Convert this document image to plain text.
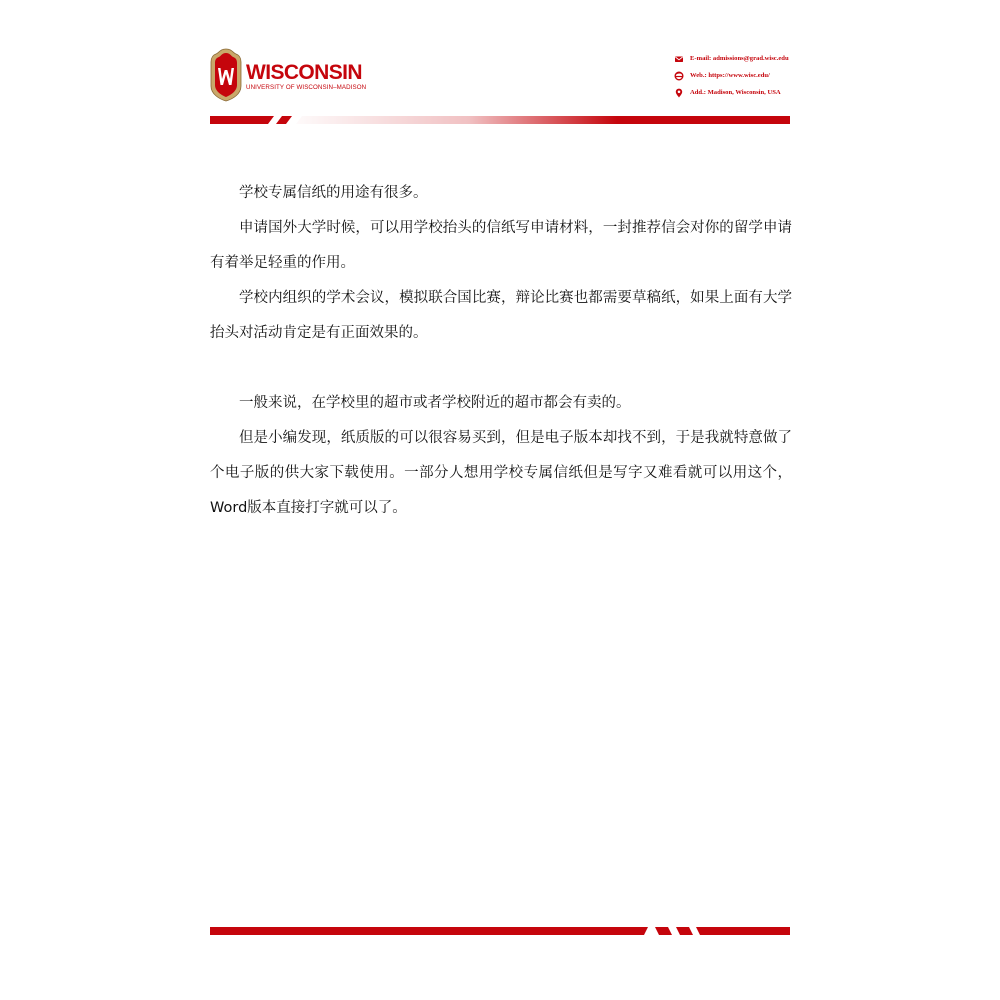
WISCONSIN
UNIVERSITY OF WISCONSIN–MADISON
E-mail: admissions@grad.wisc.edu
Web.: https://www.wisc.edu/
Add.: Madison, Wisconsin, USA

学校专属信纸的用途有很多。

申请国外大学时候，可以用学校抬头的信纸写申请材料，一封推荐信会对你的留学申请有着举足轻重的作用。

学校内组织的学术会议，模拟联合国比赛，辩论比赛也都需要草稿纸，如果上面有大学抬头对活动肯定是有正面效果的。

一般来说，在学校里的超市或者学校附近的超市都会有卖的。

但是小编发现，纸质版的可以很容易买到，但是电子版本却找不到，于是我就特意做了个电子版的供大家下载使用。一部分人想用学校专属信纸但是写字又难看就可以用这个，Word版本直接打字就可以了。
